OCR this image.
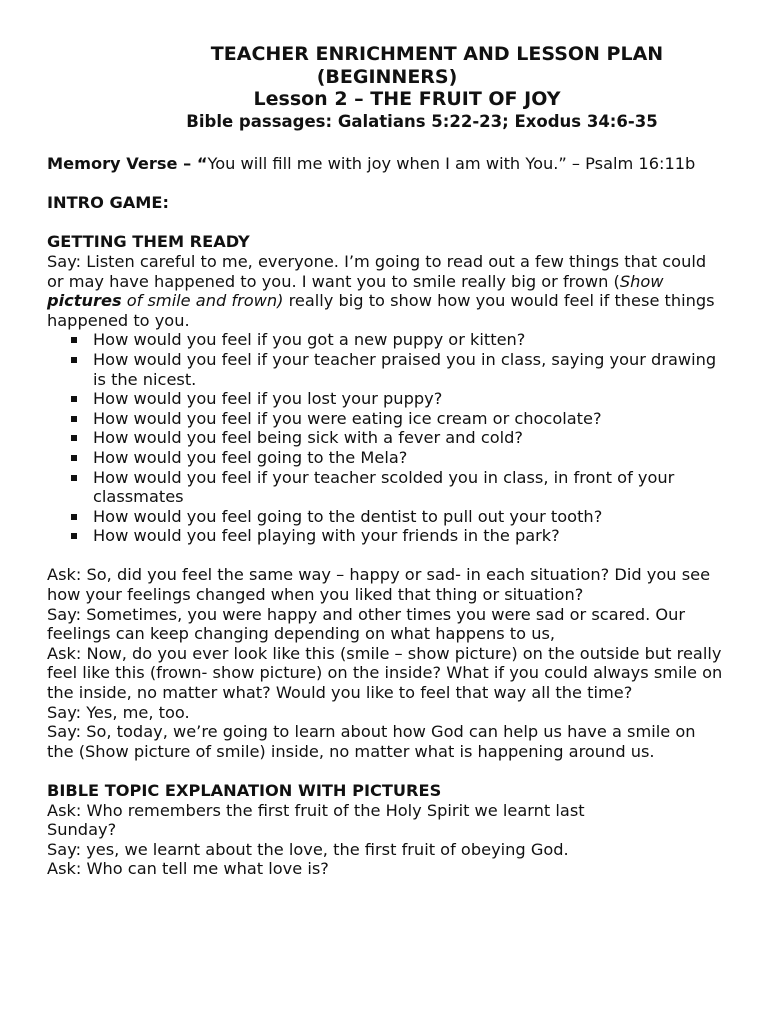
TEACHER ENRICHMENT AND LESSON PLAN
(BEGINNERS)
Lesson 2 – THE FRUIT OF JOY
Bible passages: Galatians 5:22-23; Exodus 34:6-35

Memory Verse – “You will fill me with joy when I am with You.” – Psalm 16:11b

INTRO GAME:

GETTING THEM READY

Say: Listen careful to me, everyone. I’m going to read out a few things that could or may have happened to you. I want you to smile really big or frown (Show pictures of smile and frown) really big to show how you would feel if these things happened to you.

How would you feel if you got a new puppy or kitten?
How would you feel if your teacher praised you in class, saying your drawing is the nicest.
How would you feel if you lost your puppy?
How would you feel if you were eating ice cream or chocolate?
How would you feel being sick with a fever and cold?
How would you feel going to the Mela?
How would you feel if your teacher scolded you in class, in front of your classmates
How would you feel going to the dentist to pull out your tooth?
How would you feel playing with your friends in the park?

Ask: So, did you feel the same way – happy or sad- in each situation? Did you see how your feelings changed when you liked that thing or situation?

Say: Sometimes, you were happy and other times you were sad or scared. Our feelings can keep changing depending on what happens to us,

Ask: Now, do you ever look like this (smile – show picture) on the outside but really feel like this (frown- show picture) on the inside? What if you could always smile on the inside, no matter what? Would you like to feel that way all the time?

Say: Yes, me, too.

Say: So, today, we’re going to learn about how God can help us have a smile on the (Show picture of smile) inside, no matter what is happening around us.

BIBLE TOPIC EXPLANATION WITH PICTURES

Ask: Who remembers the first fruit of the Holy Spirit we learnt last Sunday?

Say: yes, we learnt about the love, the first fruit of obeying God.

Ask: Who can tell me what love is?
